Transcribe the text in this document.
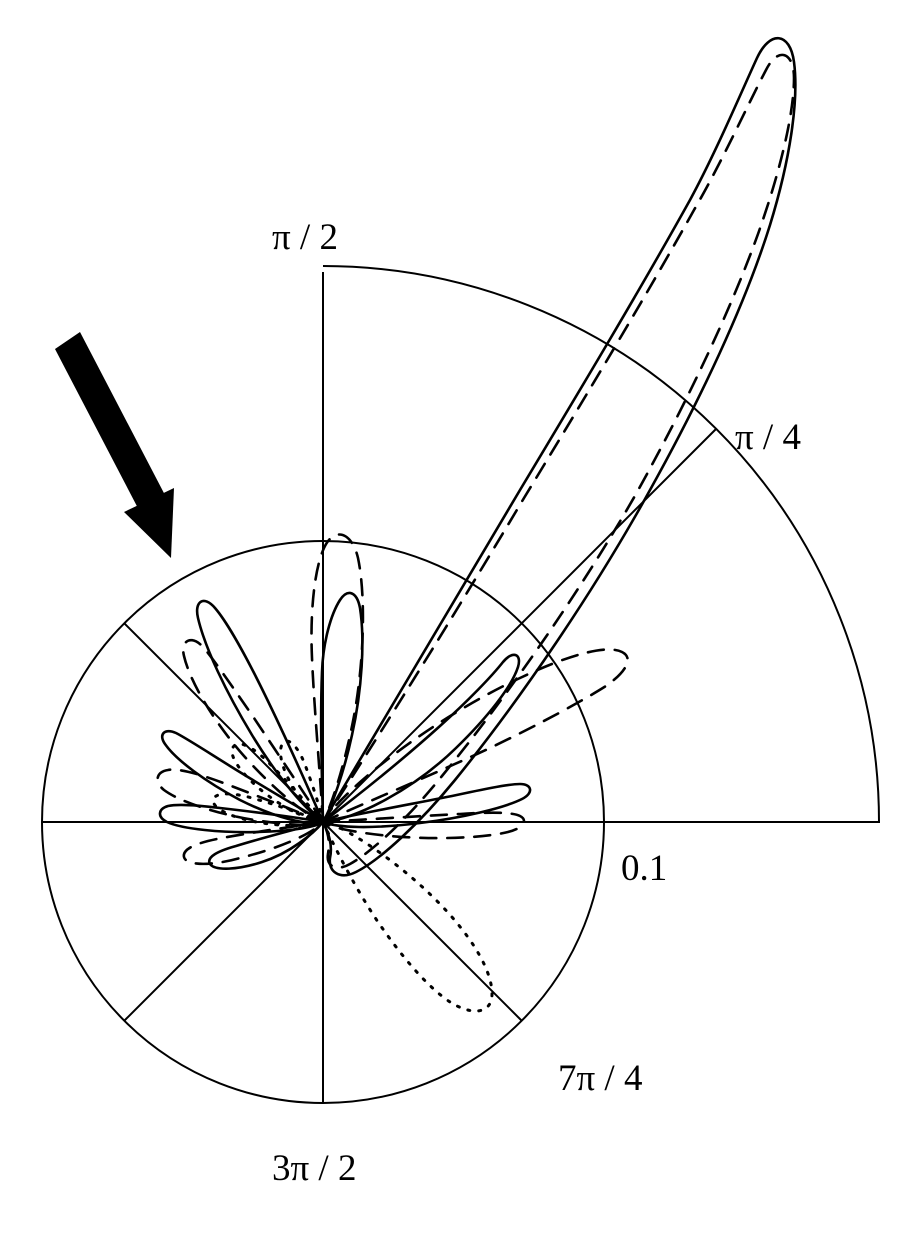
π / 2
π / 4
0.1
7π / 4
3π / 2
